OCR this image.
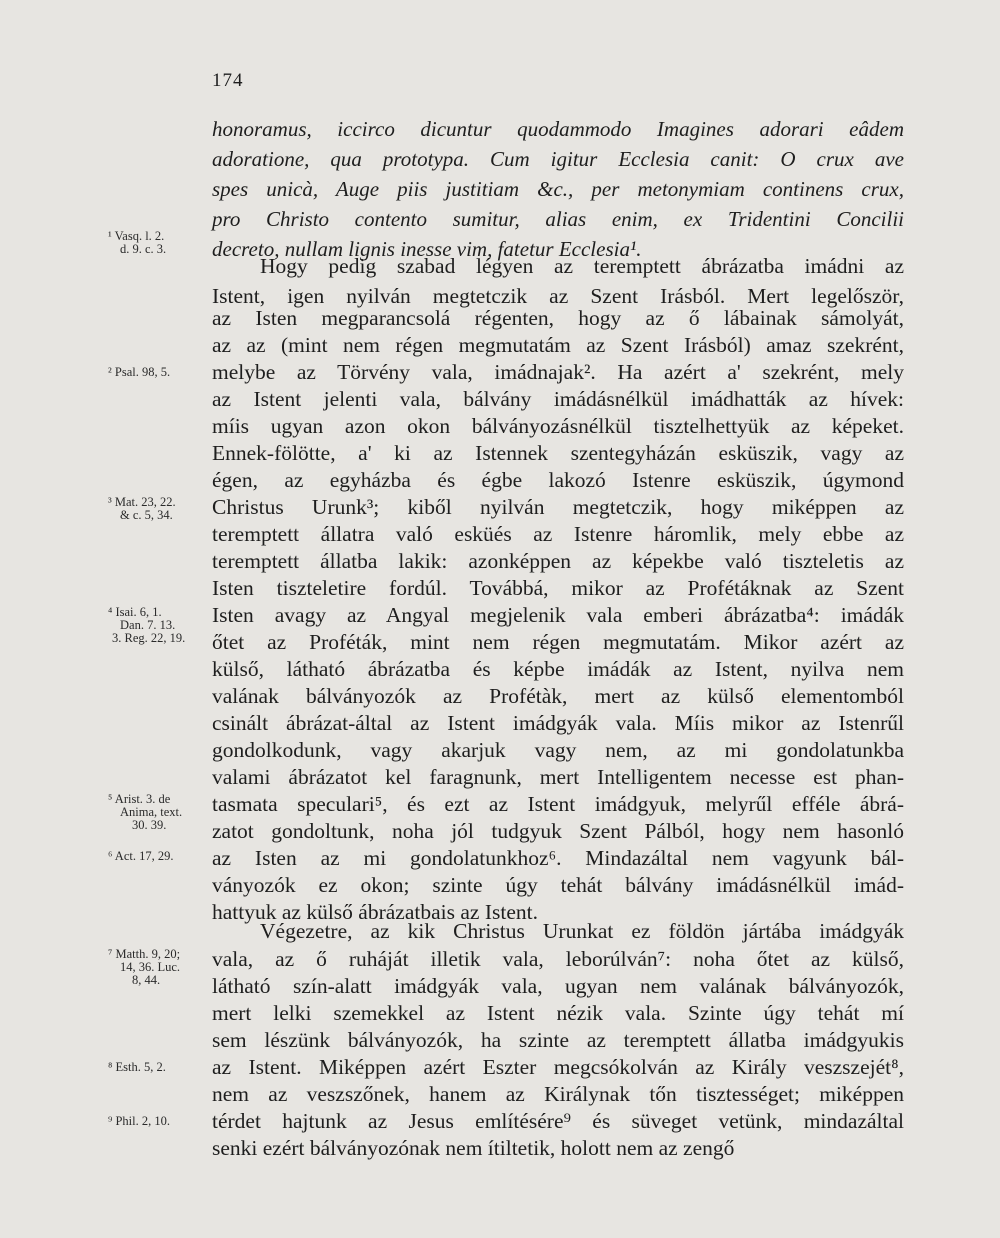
174
honoramus, iccirco dicuntur quodammodo Imagines adorari eâdem
adoratione, qua prototypa. Cum igitur Ecclesia canit: O crux ave
spes unicà, Auge piis justitiam &c., per metonymiam continens crux,
pro Christo contento sumitur, alias enim, ex Tridentini Concilii
decreto, nullam lignis inesse vim, fatetur Ecclesia¹.
Hogy pedig szabad légyen az teremptett ábrázatba imádni az
Istent, igen nyilván megtetczik az Szent Irásból. Mert legelőször,
az Isten megparancsolá régenten, hogy az ő lábainak sámolyát,
az az (mint nem régen megmutatám az Szent Irásból) amaz szekrént,
melybe az Törvény vala, imádnajak². Ha azért a' szekrént, mely
az Istent jelenti vala, bálvány imádásnélkül imádhatták az hívek:
míis ugyan azon okon bálványozásnélkül tisztelhettyük az képeket.
Ennek-fölötte, a' ki az Istennek szentegyházán esküszik, vagy az
égen, az egyházba és égbe lakozó Istenre esküszik, úgymond
Christus Urunk³; kiből nyilván megtetczik, hogy miképpen az
teremptett állatra való esküés az Istenre háromlik, mely ebbe az
teremptett állatba lakik: azonképpen az képekbe való tiszteletis az
Isten tiszteletire fordúl. Továbbá, mikor az Profétáknak az Szent
Isten avagy az Angyal megjelenik vala emberi ábrázatba⁴: imádák
őtet az Proféták, mint nem régen megmutatám. Mikor azért az
külső, látható ábrázatba és képbe imádák az Istent, nyilva nem
valának bálványozók az Profétàk, mert az külső elementomból
csinált ábrázat-által az Istent imádgyák vala. Míis mikor az Istenrűl
gondolkodunk, vagy akarjuk vagy nem, az mi gondolatunkba
valami ábrázatot kel faragnunk, mert Intelligentem necesse est phan-
tasmata speculari⁵, és ezt az Istent imádgyuk, melyrűl efféle ábrá-
zatot gondoltunk, noha jól tudgyuk Szent Pálból, hogy nem hasonló
az Isten az mi gondolatunkhoz⁶. Mindazáltal nem vagyunk bál-
ványozók ez okon; szinte úgy tehát bálvány imádásnélkül imád-
hattyuk az külső ábrázatbais az Istent.
Végezetre, az kik Christus Urunkat ez földön jártába imádgyák
vala, az ő ruháját illetik vala, leborúlván⁷: noha őtet az külső,
látható szín-alatt imádgyák vala, ugyan nem valának bálványozók,
mert lelki szemekkel az Istent nézik vala. Szinte úgy tehát mí
sem lészünk bálványozók, ha szinte az teremptett állatba imádgyukis
az Istent. Miképpen azért Eszter megcsókolván az Király veszszejét⁸,
nem az veszszőnek, hanem az Királynak tőn tisztességet; miképpen
térdet hajtunk az Jesus említésére⁹ és süveget vetünk, mindazáltal
senki ezért bálványozónak nem ítiltetik, holott nem az zengő
¹ Vasq. l. 2.
d. 9. c. 3.
² Psal. 98, 5.
³ Mat. 23, 22.
& c. 5, 34.
⁴ Isai. 6, 1.
Dan. 7. 13.
3. Reg. 22, 19.
⁵ Arist. 3. de
Anima, text.
30. 39.
⁶ Act. 17, 29.
⁷ Matth. 9, 20;
14, 36. Luc.
8, 44.
⁸ Esth. 5, 2.
⁹ Phil. 2, 10.
